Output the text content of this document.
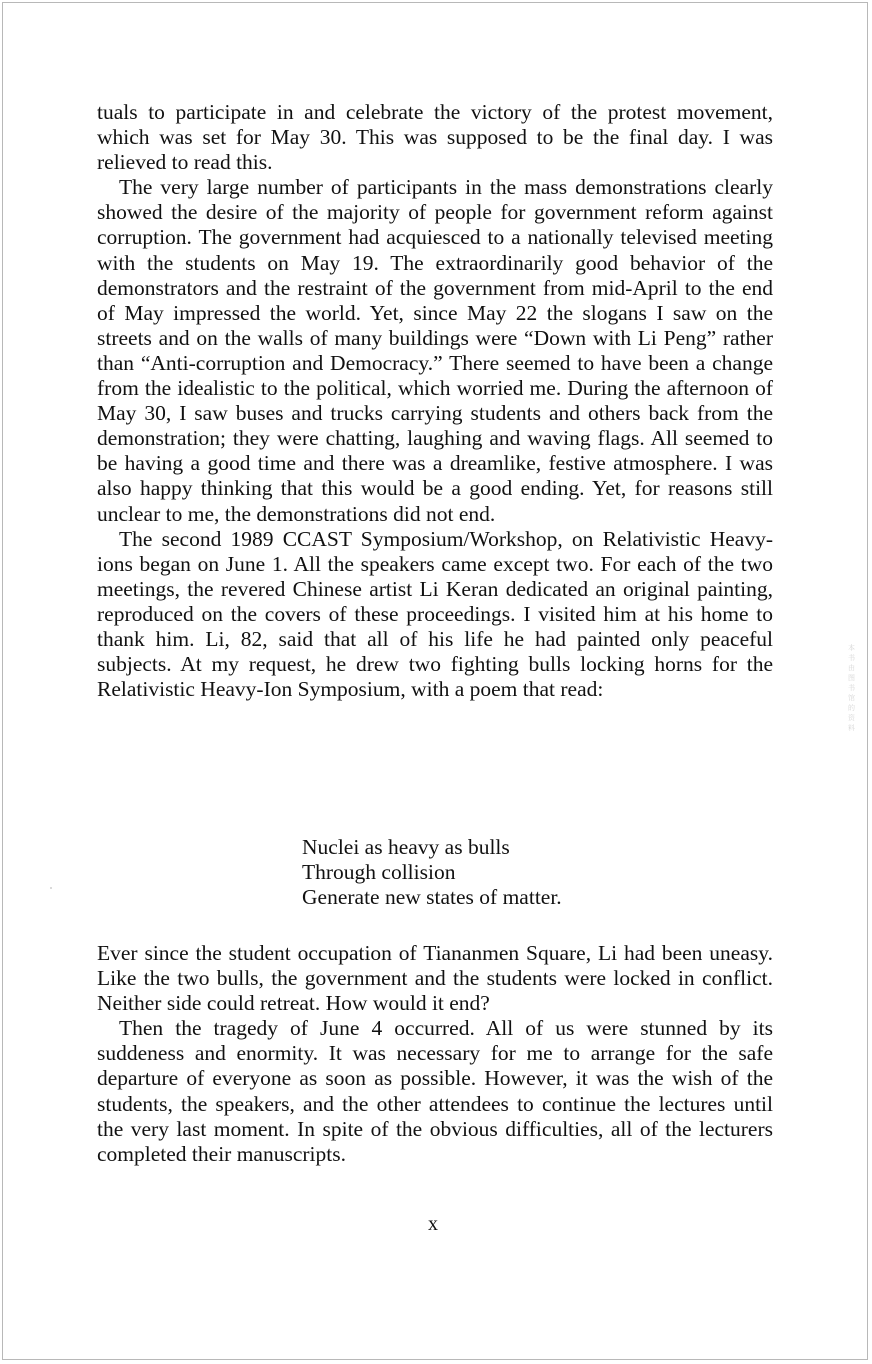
tuals to participate in and celebrate the victory of the protest movement, which was set for May 30. This was supposed to be the final day. I was relieved to read this.

The very large number of participants in the mass demonstrations clearly showed the desire of the majority of people for government reform against corruption. The government had acquiesced to a nationally televised meeting with the students on May 19. The extraordinarily good behavior of the demonstrators and the restraint of the government from mid-April to the end of May impressed the world. Yet, since May 22 the slogans I saw on the streets and on the walls of many buildings were “Down with Li Peng” rather than “Anti-corruption and Democracy.” There seemed to have been a change from the idealistic to the political, which worried me. During the afternoon of May 30, I saw buses and trucks carrying students and others back from the demonstration; they were chatting, laughing and waving flags. All seemed to be having a good time and there was a dreamlike, festive atmosphere. I was also happy thinking that this would be a good ending. Yet, for reasons still unclear to me, the demonstrations did not end.

The second 1989 CCAST Symposium/Workshop, on Relativistic Heavy-ions began on June 1. All the speakers came except two. For each of the two meetings, the revered Chinese artist Li Keran dedicated an original painting, reproduced on the covers of these proceedings. I visited him at his home to thank him. Li, 82, said that all of his life he had painted only peaceful subjects. At my request, he drew two fighting bulls locking horns for the Relativistic Heavy-Ion Symposium, with a poem that read:

Nuclei as heavy as bulls
Through collision
Generate new states of matter.

Ever since the student occupation of Tiananmen Square, Li had been uneasy. Like the two bulls, the government and the students were locked in conflict. Neither side could retreat. How would it end?

Then the tragedy of June 4 occurred. All of us were stunned by its suddeness and enormity. It was necessary for me to arrange for the safe departure of everyone as soon as possible. However, it was the wish of the students, the speakers, and the other attendees to continue the lectures until the very last moment. In spite of the obvious difficulties, all of the lecturers completed their manuscripts.

x
本书由图书馆的资料
